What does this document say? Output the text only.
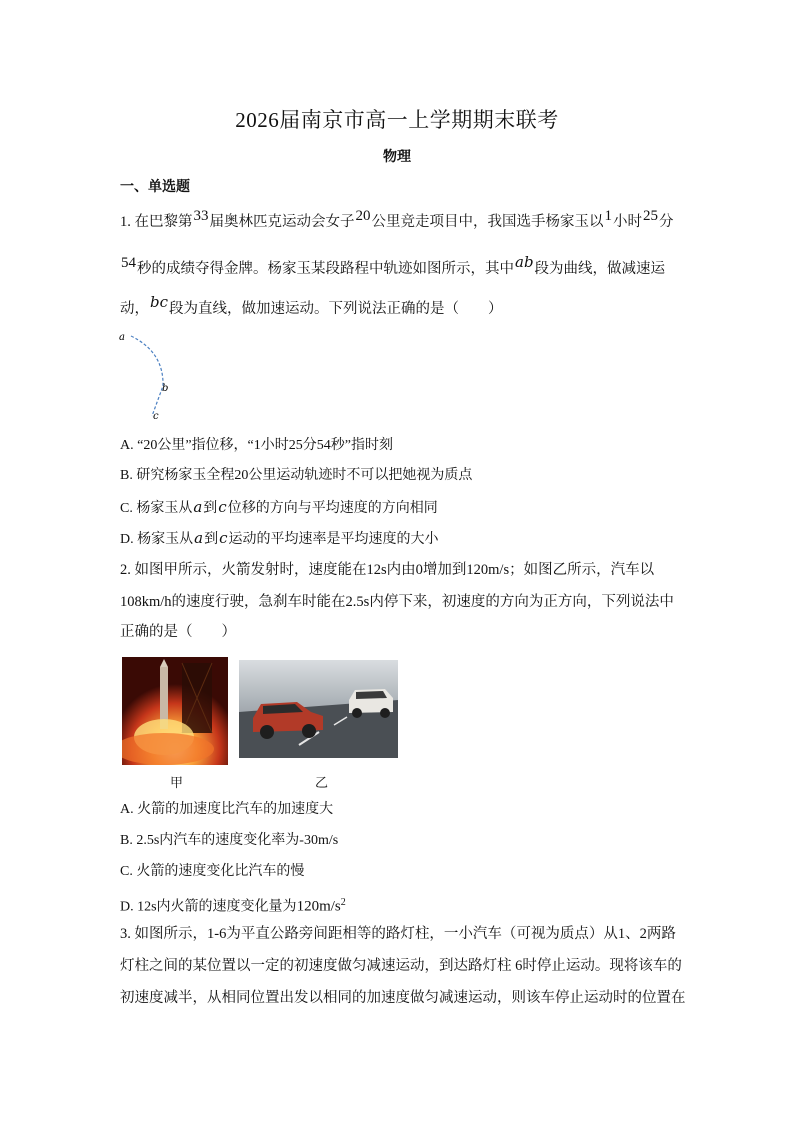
2026届南京市高一上学期期末联考
物理
一、单选题
1. 在巴黎第33届奥林匹克运动会女子20公里竞走项目中，我国选手杨家玉以1小时25分
54秒的成绩夺得金牌。杨家玉某段路程中轨迹如图所示，其中ab段为曲线，做减速运
动，bc段为直线，做加速运动。下列说法正确的是（　　）
a
b
c
A. “20公里”指位移，“1小时25分54秒”指时刻
B. 研究杨家玉全程20公里运动轨迹时不可以把她视为质点
C. 杨家玉从a到c位移的方向与平均速度的方向相同
D. 杨家玉从a到c运动的平均速率是平均速度的大小
2. 如图甲所示，火箭发射时，速度能在12s内由0增加到120m/s；如图乙所示，汽车以
108km/h的速度行驶，急刹车时能在2.5s内停下来，初速度的方向为正方向，下列说法中
正确的是（　　）
甲	乙
A. 火箭的加速度比汽车的加速度大
B. 2.5s内汽车的速度变化率为-30m/s
C. 火箭的速度变化比汽车的慢
D. 12s内火箭的速度变化量为$120m/s^2$
3. 如图所示，1-6为平直公路旁间距相等的路灯柱，一小汽车（可视为质点）从1、2两路
灯柱之间的某位置以一定的初速度做匀减速运动，到达路灯柱 6时停止运动。现将该车的
初速度减半，从相同位置出发以相同的加速度做匀减速运动，则该车停止运动时的位置在
